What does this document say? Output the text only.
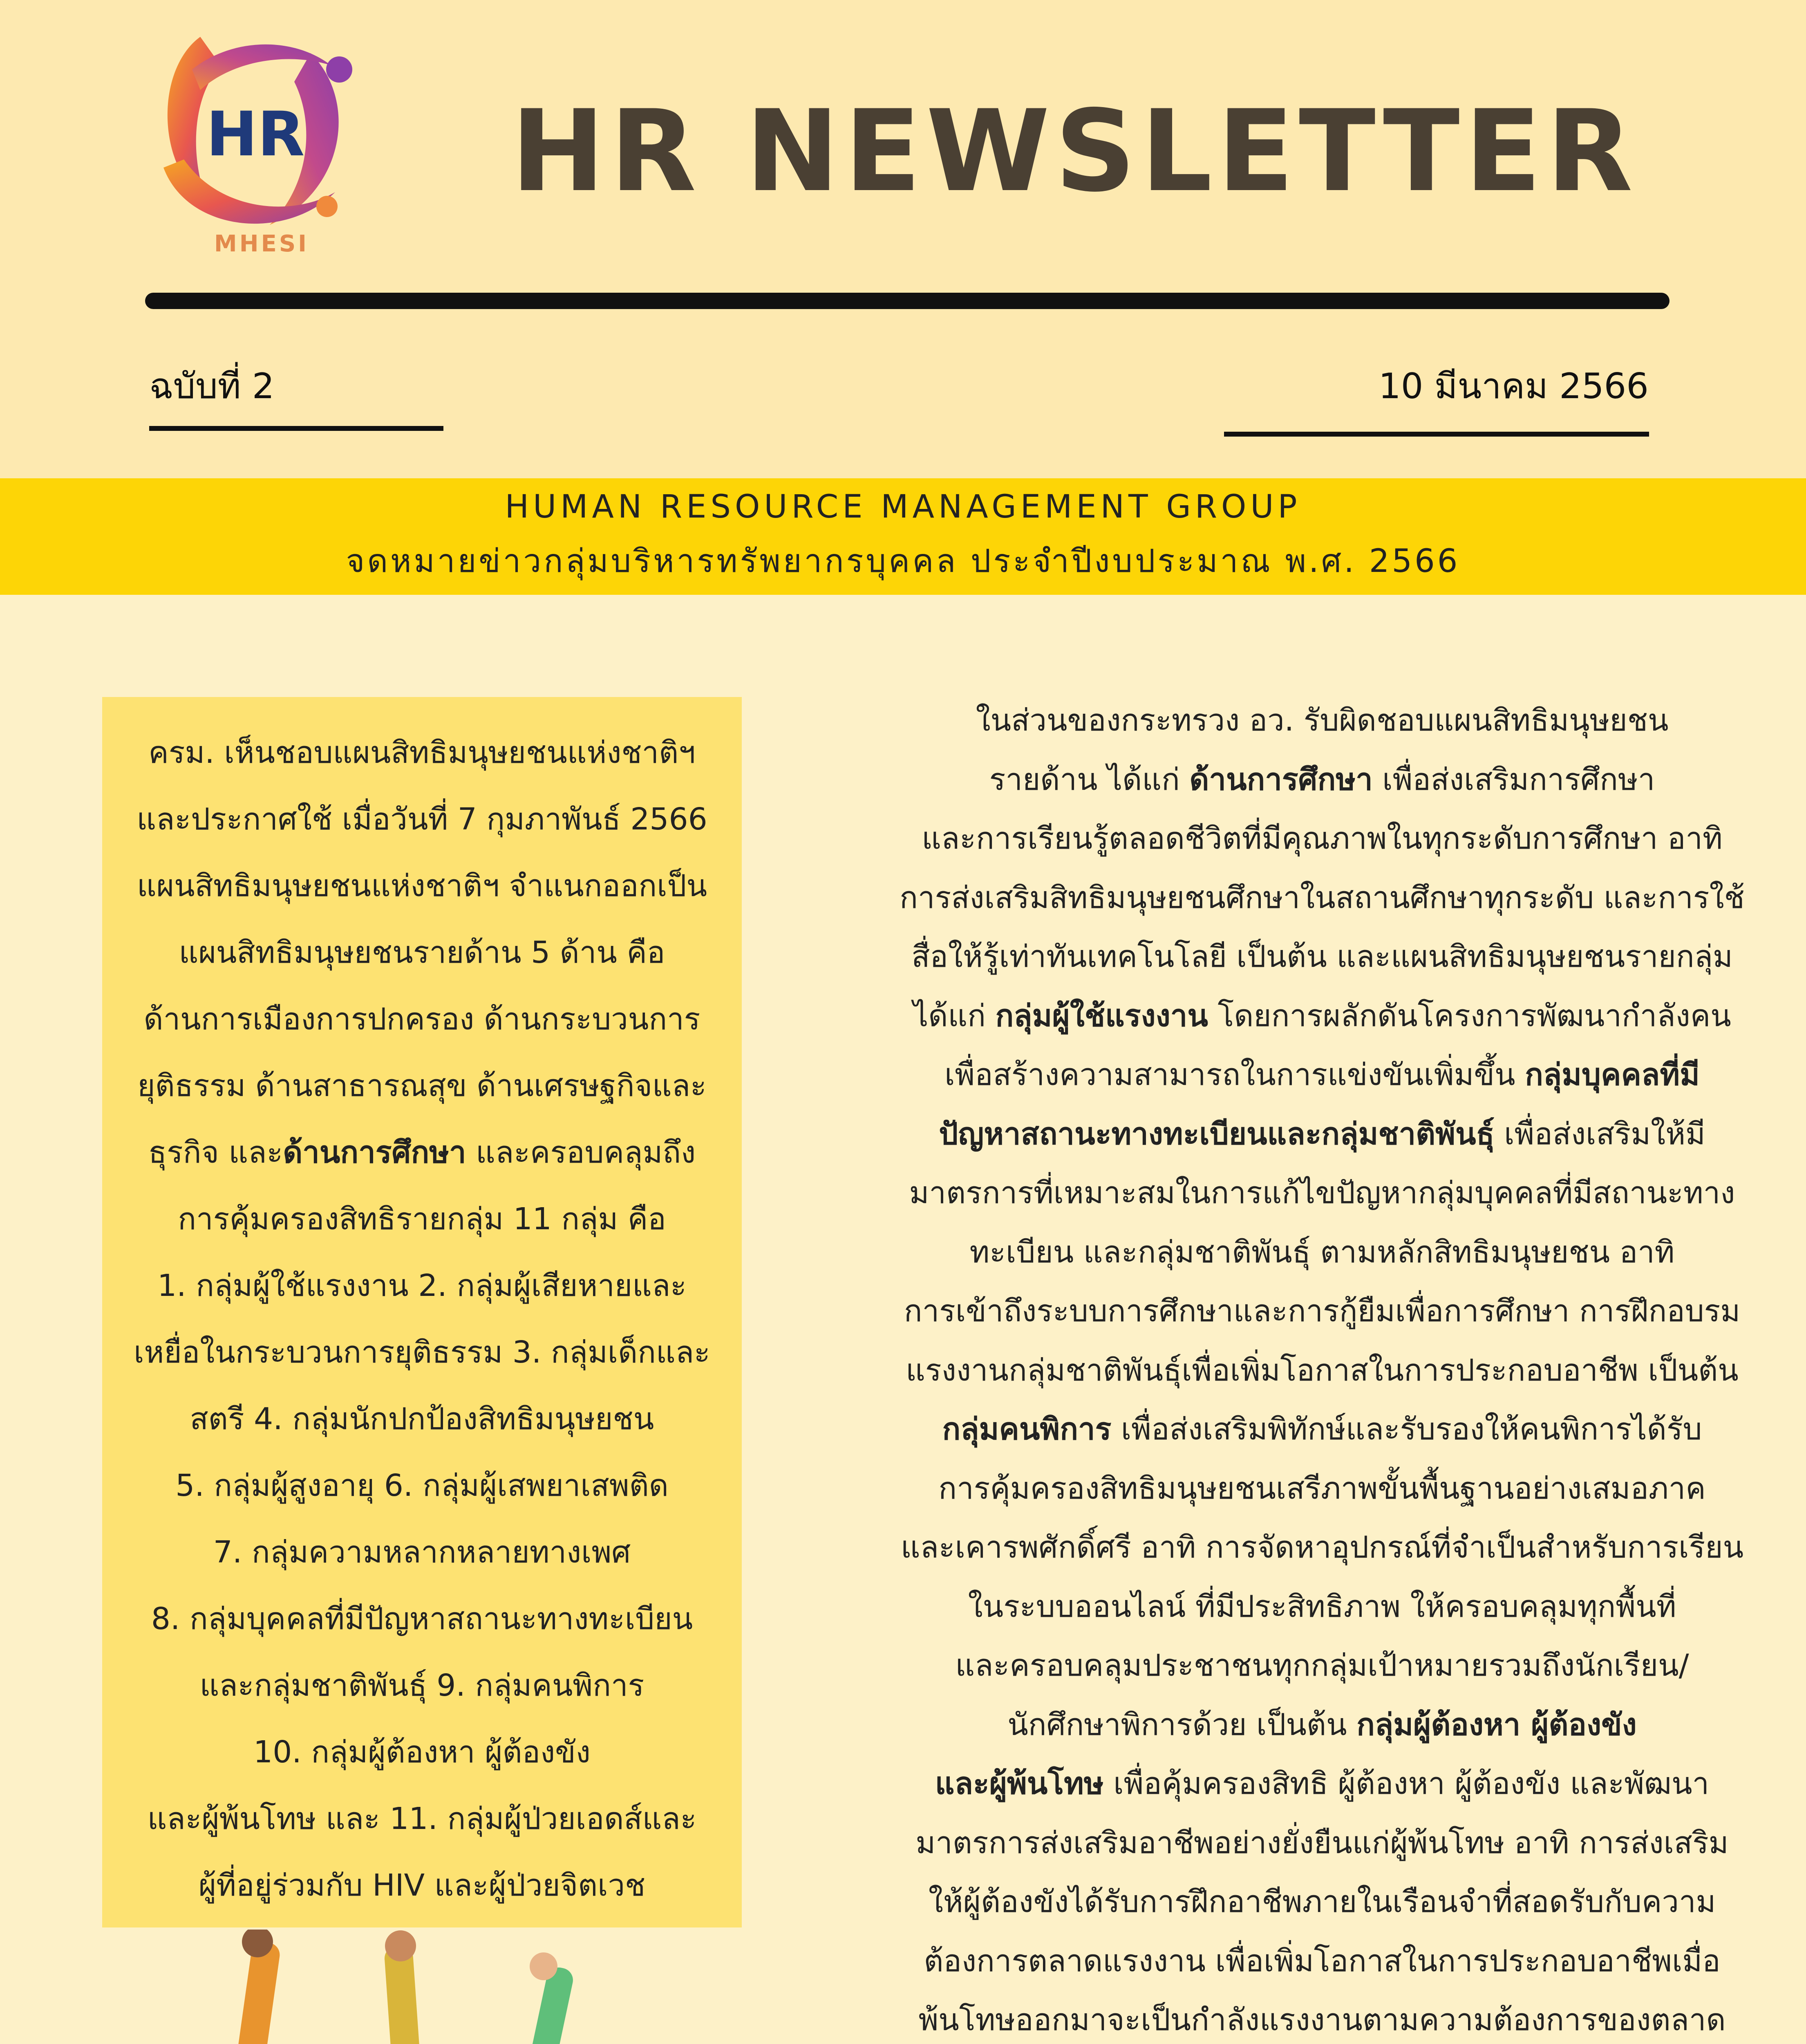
HR
MHESI
HR NEWSLETTER
ฉบับที่ 2	10 มีนาคม 2566
HUMAN RESOURCE MANAGEMENT GROUP
จดหมายข่าวกลุ่มบริหารทรัพยากรบุคคล ประจำปีงบประมาณ พ.ศ. 2566
ครม. เห็นชอบแผนสิทธิมนุษยชนแห่งชาติฯ
และประกาศใช้ เมื่อวันที่ 7 กุมภาพันธ์ 2566
แผนสิทธิมนุษยชนแห่งชาติฯ จำแนกออกเป็น
แผนสิทธิมนุษยชนรายด้าน 5 ด้าน คือ
ด้านการเมืองการปกครอง ด้านกระบวนการ
ยุติธรรม ด้านสาธารณสุข ด้านเศรษฐกิจและ
ธุรกิจ และด้านการศึกษา และครอบคลุมถึง
การคุ้มครองสิทธิรายกลุ่ม 11 กลุ่ม คือ
1. กลุ่มผู้ใช้แรงงาน 2. กลุ่มผู้เสียหายและ
เหยื่อในกระบวนการยุติธรรม 3. กลุ่มเด็กและ
สตรี 4. กลุ่มนักปกป้องสิทธิมนุษยชน
5. กลุ่มผู้สูงอายุ 6. กลุ่มผู้เสพยาเสพติด
7. กลุ่มความหลากหลายทางเพศ
8. กลุ่มบุคคลที่มีปัญหาสถานะทางทะเบียน
และกลุ่มชาติพันธุ์ 9. กลุ่มคนพิการ
10. กลุ่มผู้ต้องหา ผู้ต้องขัง
และผู้พ้นโทษ และ 11. กลุ่มผู้ป่วยเอดส์และ
ผู้ที่อยู่ร่วมกับ HIV และผู้ป่วยจิตเวช
ในส่วนของกระทรวง อว. รับผิดชอบแผนสิทธิมนุษยชน
รายด้าน ได้แก่ ด้านการศึกษา เพื่อส่งเสริมการศึกษา
และการเรียนรู้ตลอดชีวิตที่มีคุณภาพในทุกระดับการศึกษา อาทิ
การส่งเสริมสิทธิมนุษยชนศึกษาในสถานศึกษาทุกระดับ และการใช้
สื่อให้รู้เท่าทันเทคโนโลยี เป็นต้น และแผนสิทธิมนุษยชนรายกลุ่ม
ได้แก่ กลุ่มผู้ใช้แรงงาน โดยการผลักดันโครงการพัฒนากำลังคน
เพื่อสร้างความสามารถในการแข่งขันเพิ่มขึ้น กลุ่มบุคคลที่มี
ปัญหาสถานะทางทะเบียนและกลุ่มชาติพันธุ์ เพื่อส่งเสริมให้มี
มาตรการที่เหมาะสมในการแก้ไขปัญหากลุ่มบุคคลที่มีสถานะทาง
ทะเบียน และกลุ่มชาติพันธุ์ ตามหลักสิทธิมนุษยชน อาทิ
การเข้าถึงระบบการศึกษาและการกู้ยืมเพื่อการศึกษา การฝึกอบรม
แรงงานกลุ่มชาติพันธุ์เพื่อเพิ่มโอกาสในการประกอบอาชีพ เป็นต้น
กลุ่มคนพิการ เพื่อส่งเสริมพิทักษ์และรับรองให้คนพิการได้รับ
การคุ้มครองสิทธิมนุษยชนเสรีภาพขั้นพื้นฐานอย่างเสมอภาค
และเคารพศักดิ์ศรี อาทิ การจัดหาอุปกรณ์ที่จำเป็นสำหรับการเรียน
ในระบบออนไลน์ ที่มีประสิทธิภาพ ให้ครอบคลุมทุกพื้นที่
และครอบคลุมประชาชนทุกกลุ่มเป้าหมายรวมถึงนักเรียน/
นักศึกษาพิการด้วย เป็นต้น กลุ่มผู้ต้องหา ผู้ต้องขัง
และผู้พ้นโทษ เพื่อคุ้มครองสิทธิ ผู้ต้องหา ผู้ต้องขัง และพัฒนา
มาตรการส่งเสริมอาชีพอย่างยั่งยืนแก่ผู้พ้นโทษ อาทิ การส่งเสริม
ให้ผู้ต้องขังได้รับการฝึกอาชีพภายในเรือนจำที่สอดรับกับความ
ต้องการตลาดแรงงาน เพื่อเพิ่มโอกาสในการประกอบอาชีพเมื่อ
พ้นโทษออกมาจะเป็นกำลังแรงงานตามความต้องการของตลาด
